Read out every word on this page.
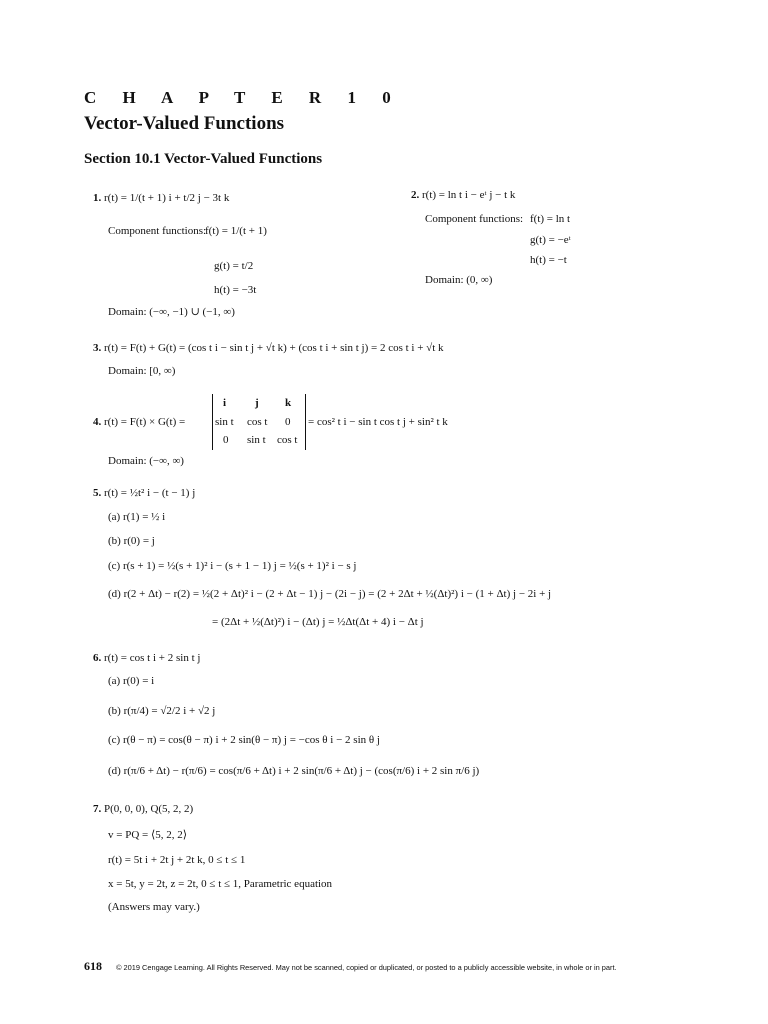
C H A P T E R 1 0
Vector-Valued Functions
Section 10.1 Vector-Valued Functions
1. r(t) = 1/(t + 1) i + t/2 j − 3t k
Component functions:
f(t) = 1/(t + 1)
g(t) = t/2
h(t) = −3t
Domain: (−∞, −1) ∪ (−1, ∞)
2. r(t) = ln t i − eᵗ j − t k
Component functions: f(t) = ln t
g(t) = −eᵗ
h(t) = −t
Domain: (0, ∞)
3. r(t) = F(t) + G(t) = (cos t i − sin t j + √t k) + (cos t i + sin t j) = 2 cos t i + √t k
Domain: [0, ∞)
4. r(t) = F(t) × G(t) =
i	j k
sin t cos t 0
0 sin t cos t
= cos² t i − sin t cos t j + sin² t k
Domain: (−∞, ∞)
5. r(t) = ½t² i − (t − 1) j
(a) r(1) = ½ i
(b) r(0) = j
(c) r(s + 1) = ½(s + 1)² i − (s + 1 − 1) j = ½(s + 1)² i − s j
(d) r(2 + Δt) − r(2) = ½(2 + Δt)² i − (2 + Δt − 1) j − (2i − j) = (2 + 2Δt + ½(Δt)²) i − (1 + Δt) j − 2i + j
= (2Δt + ½(Δt)²) i − (Δt) j = ½Δt(Δt + 4) i − Δt j
6. r(t) = cos t i + 2 sin t j
(a) r(0) = i
(b) r(π/4) = √2/2 i + √2 j
(c) r(θ − π) = cos(θ − π) i + 2 sin(θ − π) j = −cos θ i − 2 sin θ j
(d) r(π/6 + Δt) − r(π/6) = cos(π/6 + Δt) i + 2 sin(π/6 + Δt) j − (cos(π/6) i + 2 sin π/6 j)
7. P(0, 0, 0), Q(5, 2, 2)
v = PQ = ⟨5, 2, 2⟩
r(t) = 5t i + 2t j + 2t k, 0 ≤ t ≤ 1
x = 5t, y = 2t, z = 2t, 0 ≤ t ≤ 1, Parametric equation
(Answers may vary.)
618 © 2019 Cengage Learning. All Rights Reserved. May not be scanned, copied or duplicated, or posted to a publicly accessible website, in whole or in part.
